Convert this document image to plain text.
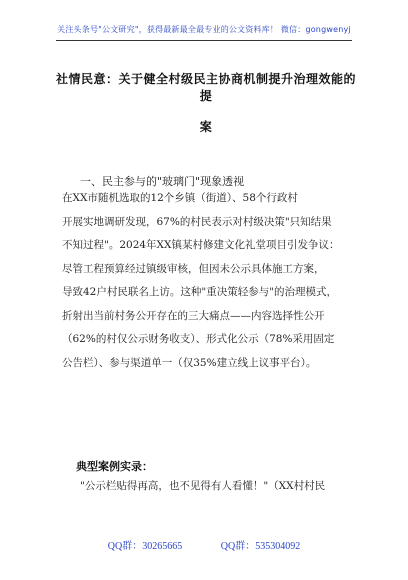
关注头条号"公文研究"，获得最新最全最专业的公文资料库！ 微信：gongwenyj
社情民意：关于健全村级民主协商机制提升治理效能的提
案
一、民主参与的"玻璃门"现象透视
在XX市随机选取的12个乡镇（街道）、58个行政村
开展实地调研发现，67%的村民表示对村级决策"只知结果
不知过程"。2024年XX镇某村修建文化礼堂项目引发争议：
尽管工程预算经过镇级审核，但因未公示具体施工方案，
导致42户村民联名上访。这种"重决策轻参与"的治理模式，
折射出当前村务公开存在的三大痛点——内容选择性公开
（62%的村仅公示财务收支）、形式化公示（78%采用固定
公告栏）、参与渠道单一（仅35%建立线上议事平台）。
典型案例实录：
"公示栏贴得再高，也不见得有人看懂！"（XX村村民
QQ群：30265665	QQ群：535304092
